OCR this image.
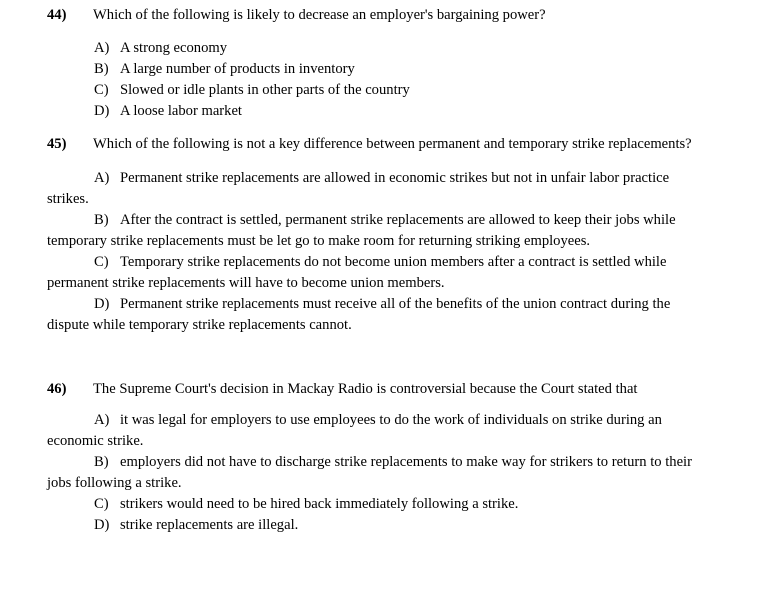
44) Which of the following is likely to decrease an employer's bargaining power?
A) A strong economy
B) A large number of products in inventory
C) Slowed or idle plants in other parts of the country
D) A loose labor market
45) Which of the following is not a key difference between permanent and temporary strike replacements?
A) Permanent strike replacements are allowed in economic strikes but not in unfair labor practice strikes.
B) After the contract is settled, permanent strike replacements are allowed to keep their jobs while temporary strike replacements must be let go to make room for returning striking employees.
C) Temporary strike replacements do not become union members after a contract is settled while permanent strike replacements will have to become union members.
D) Permanent strike replacements must receive all of the benefits of the union contract during the dispute while temporary strike replacements cannot.
46) The Supreme Court's decision in Mackay Radio is controversial because the Court stated that
A) it was legal for employers to use employees to do the work of individuals on strike during an economic strike.
B) employers did not have to discharge strike replacements to make way for strikers to return to their jobs following a strike.
C) strikers would need to be hired back immediately following a strike.
D) strike replacements are illegal.
